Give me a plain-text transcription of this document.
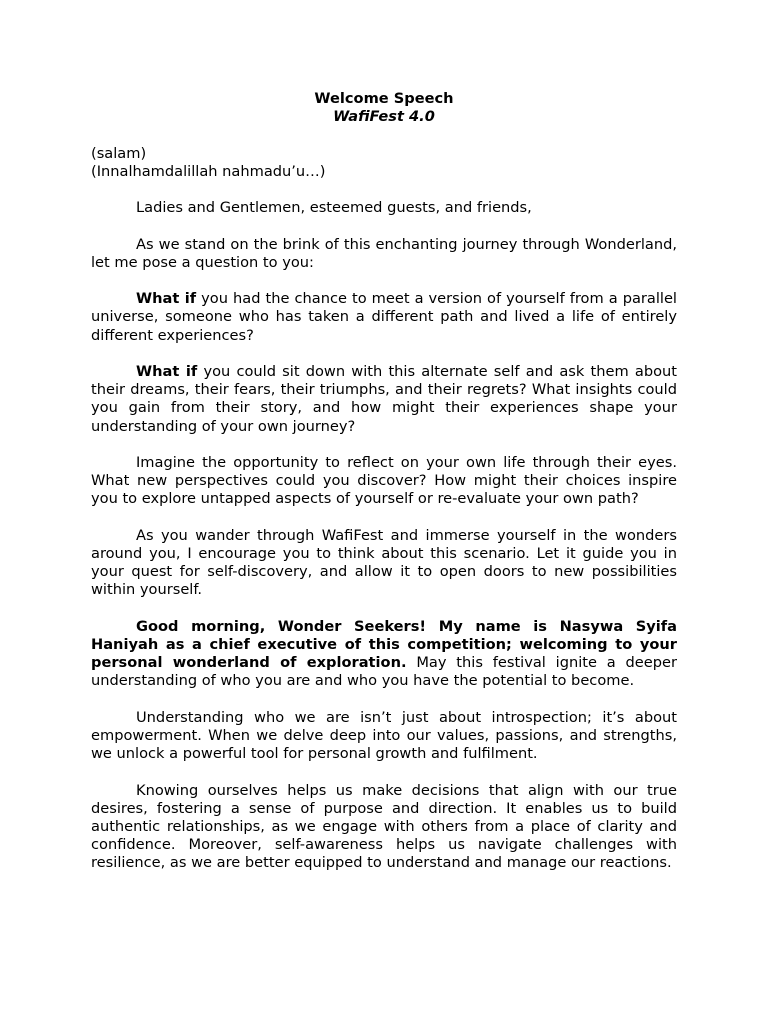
Welcome Speech

WafiFest 4.0

(salam)

(Innalhamdalillah nahmadu’u…)

Ladies and Gentlemen, esteemed guests, and friends,

As we stand on the brink of this enchanting journey through Wonderland, let me pose a question to you:

What if you had the chance to meet a version of yourself from a parallel universe, someone who has taken a different path and lived a life of entirely different experiences?

What if you could sit down with this alternate self and ask them about their dreams, their fears, their triumphs, and their regrets? What insights could you gain from their story, and how might their experiences shape your understanding of your own journey?

Imagine the opportunity to reflect on your own life through their eyes. What new perspectives could you discover? How might their choices inspire you to explore untapped aspects of yourself or re-evaluate your own path?

As you wander through WafiFest and immerse yourself in the wonders around you, I encourage you to think about this scenario. Let it guide you in your quest for self-discovery, and allow it to open doors to new possibilities within yourself.

Good morning, Wonder Seekers! My name is Nasywa Syifa Haniyah as a chief executive of this competition; welcoming to your personal wonderland of exploration. May this festival ignite a deeper understanding of who you are and who you have the potential to become.

Understanding who we are isn’t just about introspection; it’s about empowerment. When we delve deep into our values, passions, and strengths, we unlock a powerful tool for personal growth and fulfilment.

Knowing ourselves helps us make decisions that align with our true desires, fostering a sense of purpose and direction. It enables us to build authentic relationships, as we engage with others from a place of clarity and confidence. Moreover, self-awareness helps us navigate challenges with resilience, as we are better equipped to understand and manage our reactions.
